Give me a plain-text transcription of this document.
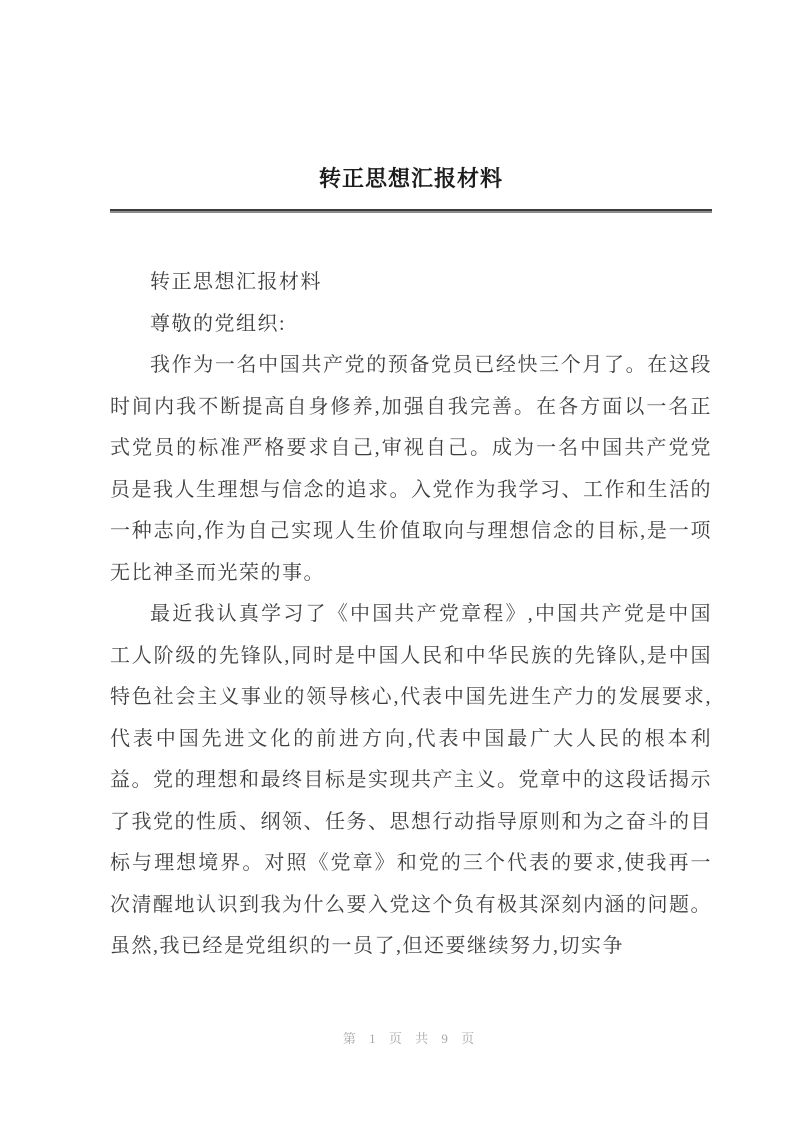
转正思想汇报材料

转正思想汇报材料

尊敬的党组织:

我作为一名中国共产党的预备党员已经快三个月了。在这段时间内我不断提高自身修养,加强自我完善。在各方面以一名正式党员的标准严格要求自己,审视自己。成为一名中国共产党党员是我人生理想与信念的追求。入党作为我学习、工作和生活的一种志向,作为自己实现人生价值取向与理想信念的目标,是一项无比神圣而光荣的事。

最近我认真学习了《中国共产党章程》,中国共产党是中国工人阶级的先锋队,同时是中国人民和中华民族的先锋队,是中国特色社会主义事业的领导核心,代表中国先进生产力的发展要求,代表中国先进文化的前进方向,代表中国最广大人民的根本利益。党的理想和最终目标是实现共产主义。党章中的这段话揭示了我党的性质、纲领、任务、思想行动指导原则和为之奋斗的目标与理想境界。对照《党章》和党的三个代表的要求,使我再一次清醒地认识到我为什么要入党这个负有极其深刻内涵的问题。虽然,我已经是党组织的一员了,但还要继续努力,切实争

第 1 页 共 9 页
